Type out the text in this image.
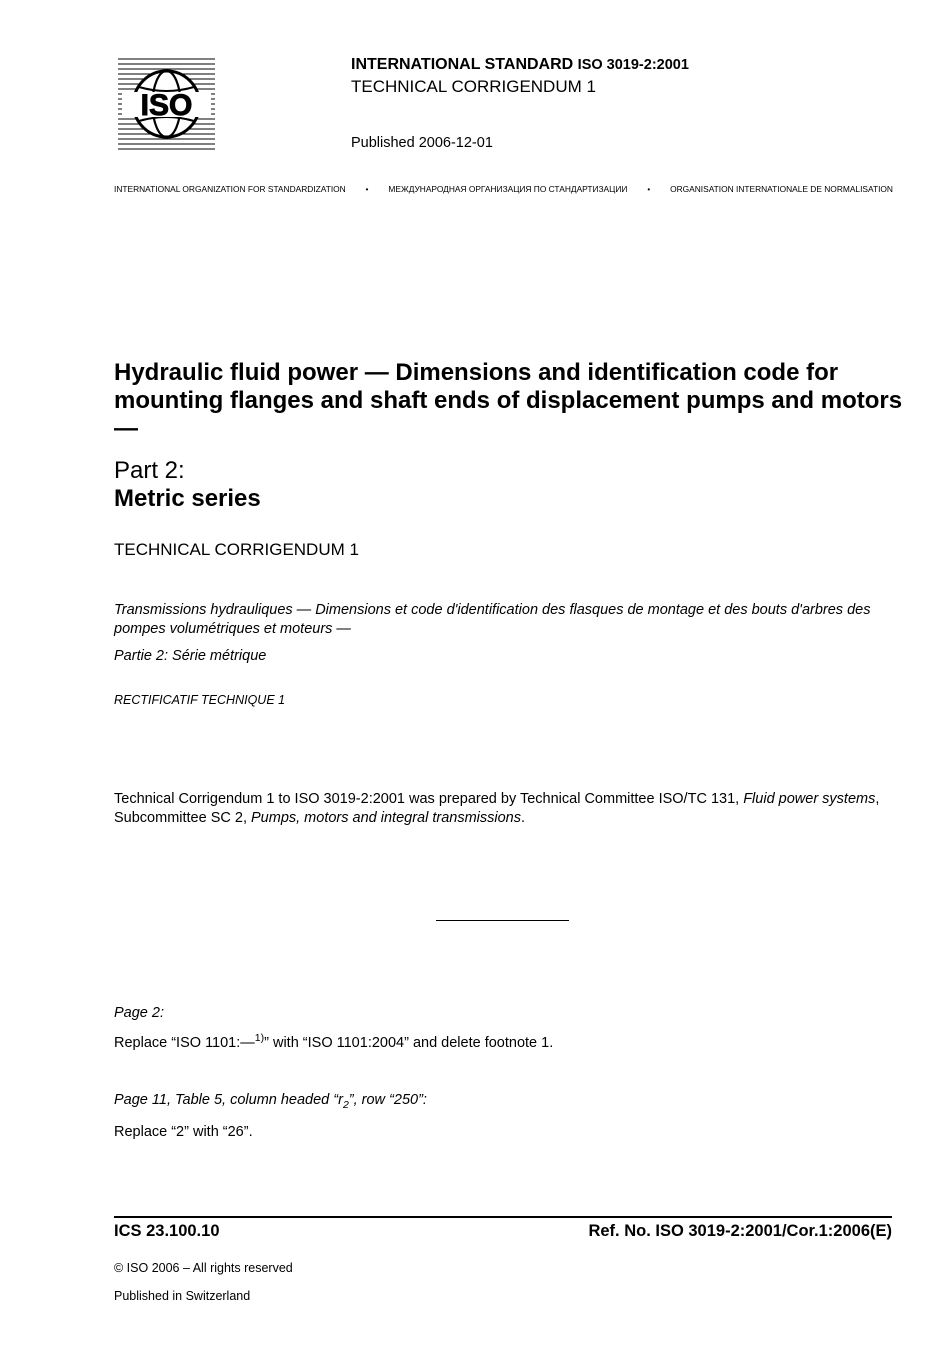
ISO
INTERNATIONAL STANDARD ISO 3019-2:2001
TECHNICAL CORRIGENDUM 1
Published 2006-12-01
INTERNATIONAL ORGANIZATION FOR STANDARDIZATION • МЕЖДУНАРОДНАЯ ОРГАНИЗАЦИЯ ПО СТАНДАРТИЗАЦИИ • ORGANISATION INTERNATIONALE DE NORMALISATION
Hydraulic fluid power — Dimensions and identification code for mounting flanges and shaft ends of displacement pumps and motors —
Part 2:
Metric series
TECHNICAL CORRIGENDUM 1
Transmissions hydrauliques — Dimensions et code d'identification des flasques de montage et des bouts d'arbres des pompes volumétriques et moteurs —
Partie 2: Série métrique
RECTIFICATIF TECHNIQUE 1
Technical Corrigendum 1 to ISO 3019-2:2001 was prepared by Technical Committee ISO/TC 131, Fluid power systems, Subcommittee SC 2, Pumps, motors and integral transmissions.
Page 2:
Replace “ISO 1101:—$^{1)}$” with “ISO 1101:2004” and delete footnote 1.
Page 11, Table 5, column headed “$r_2$”, row “250”:
Replace “2” with “26”.
ICS 23.100.10	Ref. No. ISO 3019-2:2001/Cor.1:2006(E)
© ISO 2006 – All rights reserved
Published in Switzerland
